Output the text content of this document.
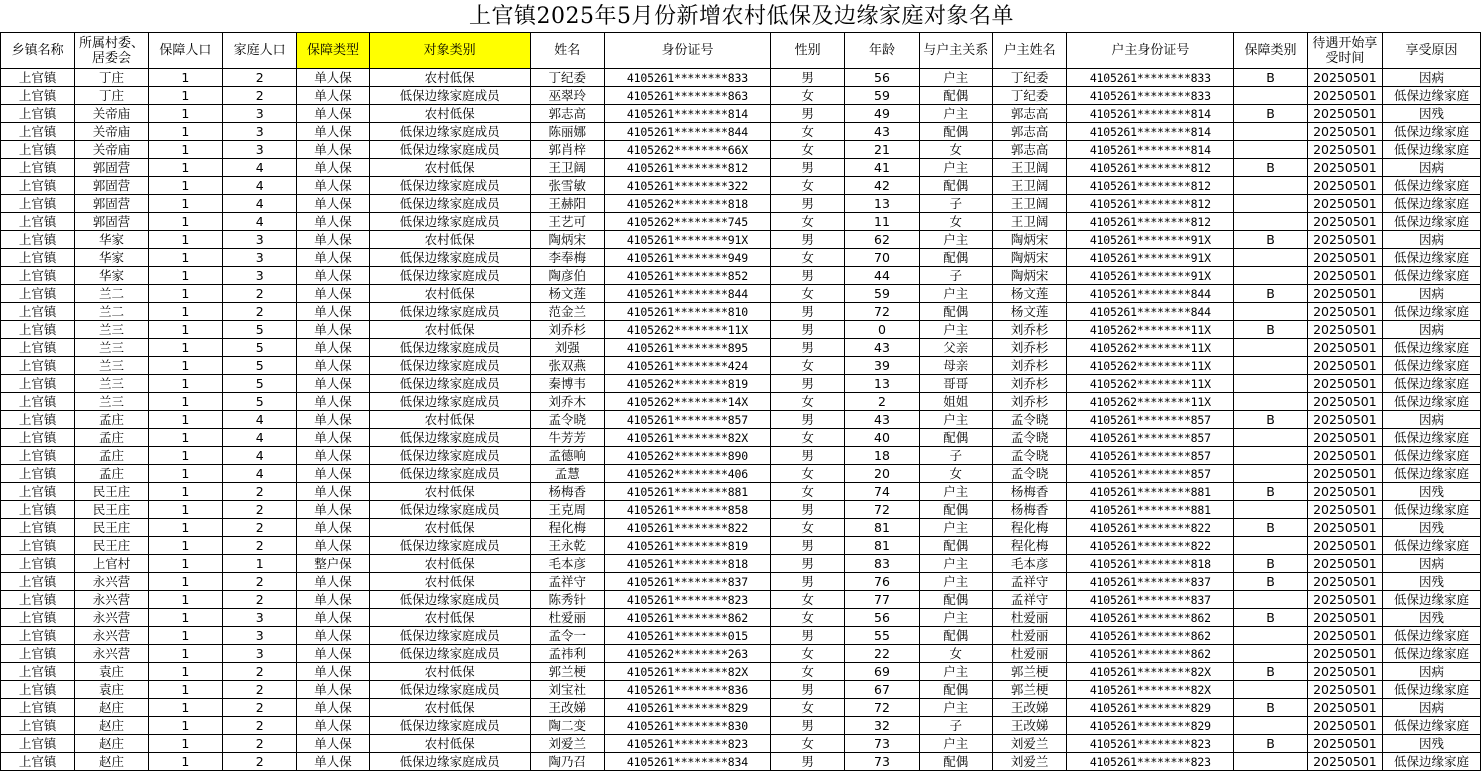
上官镇2025年5月份新增农村低保及边缘家庭对象名单
乡镇名称	所属村委、居委会	保障人口	家庭人口	保障类型	对象类别	姓名	身份证号	性别	年龄	与户主关系	户主姓名	户主身份证号	保障类别	待遇开始享受时间	享受原因
上官镇	丁庄	1	2	单人保	农村低保	丁纪委	4105261********833	男	56	户主	丁纪委	4105261********833	B	20250501	因病
上官镇	丁庄	1	2	单人保	低保边缘家庭成员	巫翠玲	4105261********863	女	59	配偶	丁纪委	4105261********833		20250501	低保边缘家庭
上官镇	关帝庙	1	3	单人保	农村低保	郭志高	4105261********814	男	49	户主	郭志高	4105261********814	B	20250501	因残
上官镇	关帝庙	1	3	单人保	低保边缘家庭成员	陈丽娜	4105261********844	女	43	配偶	郭志高	4105261********814		20250501	低保边缘家庭
上官镇	关帝庙	1	3	单人保	低保边缘家庭成员	郭肖梓	4105262********66X	女	21	女	郭志高	4105261********814		20250501	低保边缘家庭
上官镇	郭固营	1	4	单人保	农村低保	王卫阔	4105261********812	男	41	户主	王卫阔	4105261********812	B	20250501	因病
上官镇	郭固营	1	4	单人保	低保边缘家庭成员	张雪敏	4105261********322	女	42	配偶	王卫阔	4105261********812		20250501	低保边缘家庭
上官镇	郭固营	1	4	单人保	低保边缘家庭成员	王赫阳	4105262********818	男	13	子	王卫阔	4105261********812		20250501	低保边缘家庭
上官镇	郭固营	1	4	单人保	低保边缘家庭成员	王艺可	4105262********745	女	11	女	王卫阔	4105261********812		20250501	低保边缘家庭
上官镇	华家	1	3	单人保	农村低保	陶炳宋	4105261********91X	男	62	户主	陶炳宋	4105261********91X	B	20250501	因病
上官镇	华家	1	3	单人保	低保边缘家庭成员	李奉梅	4105261********949	女	70	配偶	陶炳宋	4105261********91X		20250501	低保边缘家庭
上官镇	华家	1	3	单人保	低保边缘家庭成员	陶彦伯	4105261********852	男	44	子	陶炳宋	4105261********91X		20250501	低保边缘家庭
上官镇	兰二	1	2	单人保	农村低保	杨文莲	4105261********844	女	59	户主	杨文莲	4105261********844	B	20250501	因病
上官镇	兰二	1	2	单人保	低保边缘家庭成员	范金兰	4105261********810	男	72	配偶	杨文莲	4105261********844		20250501	低保边缘家庭
上官镇	兰三	1	5	单人保	农村低保	刘乔杉	4105262********11X	男	0	户主	刘乔杉	4105262********11X	B	20250501	因病
上官镇	兰三	1	5	单人保	低保边缘家庭成员	刘强	4105261********895	男	43	父亲	刘乔杉	4105262********11X		20250501	低保边缘家庭
上官镇	兰三	1	5	单人保	低保边缘家庭成员	张双燕	4105261********424	女	39	母亲	刘乔杉	4105262********11X		20250501	低保边缘家庭
上官镇	兰三	1	5	单人保	低保边缘家庭成员	秦博韦	4105262********819	男	13	哥哥	刘乔杉	4105262********11X		20250501	低保边缘家庭
上官镇	兰三	1	5	单人保	低保边缘家庭成员	刘乔木	4105262********14X	女	2	姐姐	刘乔杉	4105262********11X		20250501	低保边缘家庭
上官镇	孟庄	1	4	单人保	农村低保	孟令晓	4105261********857	男	43	户主	孟令晓	4105261********857	B	20250501	因病
上官镇	孟庄	1	4	单人保	低保边缘家庭成员	牛芳芳	4105261********82X	女	40	配偶	孟令晓	4105261********857		20250501	低保边缘家庭
上官镇	孟庄	1	4	单人保	低保边缘家庭成员	孟德响	4105262********890	男	18	子	孟令晓	4105261********857		20250501	低保边缘家庭
上官镇	孟庄	1	4	单人保	低保边缘家庭成员	孟慧	4105262********406	女	20	女	孟令晓	4105261********857		20250501	低保边缘家庭
上官镇	民王庄	1	2	单人保	农村低保	杨梅香	4105261********881	女	74	户主	杨梅香	4105261********881	B	20250501	因残
上官镇	民王庄	1	2	单人保	低保边缘家庭成员	王克周	4105261********858	男	72	配偶	杨梅香	4105261********881		20250501	低保边缘家庭
上官镇	民王庄	1	2	单人保	农村低保	程化梅	4105261********822	女	81	户主	程化梅	4105261********822	B	20250501	因残
上官镇	民王庄	1	2	单人保	低保边缘家庭成员	王永乾	4105261********819	男	81	配偶	程化梅	4105261********822		20250501	低保边缘家庭
上官镇	上官村	1	1	整户保	农村低保	毛本彦	4105261********818	男	83	户主	毛本彦	4105261********818	B	20250501	因病
上官镇	永兴营	1	2	单人保	农村低保	孟祥守	4105261********837	男	76	户主	孟祥守	4105261********837	B	20250501	因残
上官镇	永兴营	1	2	单人保	低保边缘家庭成员	陈秀针	4105261********823	女	77	配偶	孟祥守	4105261********837		20250501	低保边缘家庭
上官镇	永兴营	1	3	单人保	农村低保	杜爱丽	4105261********862	女	56	户主	杜爱丽	4105261********862	B	20250501	因残
上官镇	永兴营	1	3	单人保	低保边缘家庭成员	孟令一	4105261********015	男	55	配偶	杜爱丽	4105261********862		20250501	低保边缘家庭
上官镇	永兴营	1	3	单人保	低保边缘家庭成员	孟祎利	4105262********263	女	22	女	杜爱丽	4105261********862		20250501	低保边缘家庭
上官镇	袁庄	1	2	单人保	农村低保	郭兰梗	4105261********82X	女	69	户主	郭兰梗	4105261********82X	B	20250501	因病
上官镇	袁庄	1	2	单人保	低保边缘家庭成员	刘宝社	4105261********836	男	67	配偶	郭兰梗	4105261********82X		20250501	低保边缘家庭
上官镇	赵庄	1	2	单人保	农村低保	王改娣	4105261********829	女	72	户主	王改娣	4105261********829	B	20250501	因病
上官镇	赵庄	1	2	单人保	低保边缘家庭成员	陶二变	4105261********830	男	32	子	王改娣	4105261********829		20250501	低保边缘家庭
上官镇	赵庄	1	2	单人保	农村低保	刘爱兰	4105261********823	女	73	户主	刘爱兰	4105261********823	B	20250501	因残
上官镇	赵庄	1	2	单人保	低保边缘家庭成员	陶乃召	4105261********834	男	73	配偶	刘爱兰	4105261********823		20250501	低保边缘家庭
